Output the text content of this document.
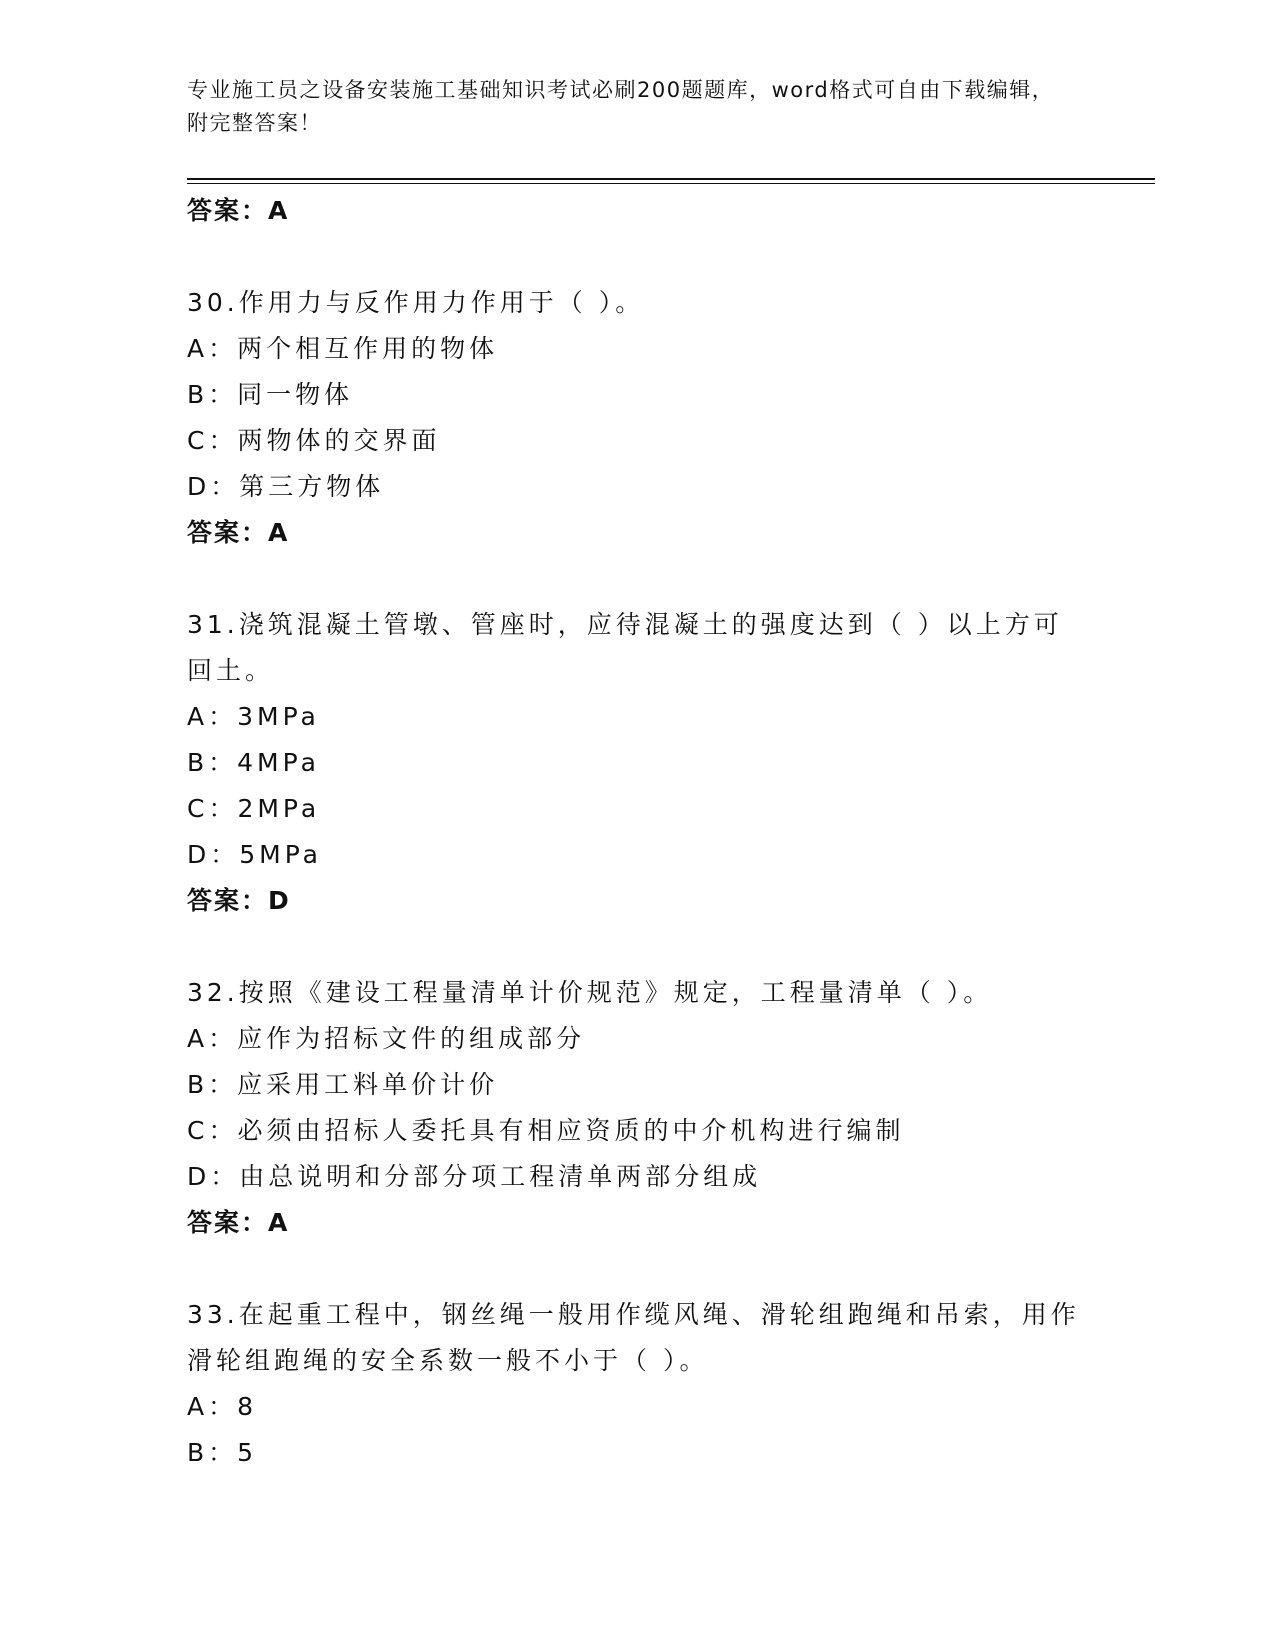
专业施工员之设备安装施工基础知识考试必刷200题题库，word格式可自由下载编辑，附完整答案！
答案：A
30.作用力与反作用力作用于（ ）。
A：两个相互作用的物体
B：同一物体
C：两物体的交界面
D：第三方物体
答案：A
31.浇筑混凝土管墩、管座时，应待混凝土的强度达到（ ）以上方可回土。
A：3MPa
B：4MPa
C：2MPa
D：5MPa
答案：D
32.按照《建设工程量清单计价规范》规定，工程量清单（ ）。
A：应作为招标文件的组成部分
B：应采用工料单价计价
C：必须由招标人委托具有相应资质的中介机构进行编制
D：由总说明和分部分项工程清单两部分组成
答案：A
33.在起重工程中，钢丝绳一般用作缆风绳、滑轮组跑绳和吊索，用作滑轮组跑绳的安全系数一般不小于（ ）。
A：8
B：5
